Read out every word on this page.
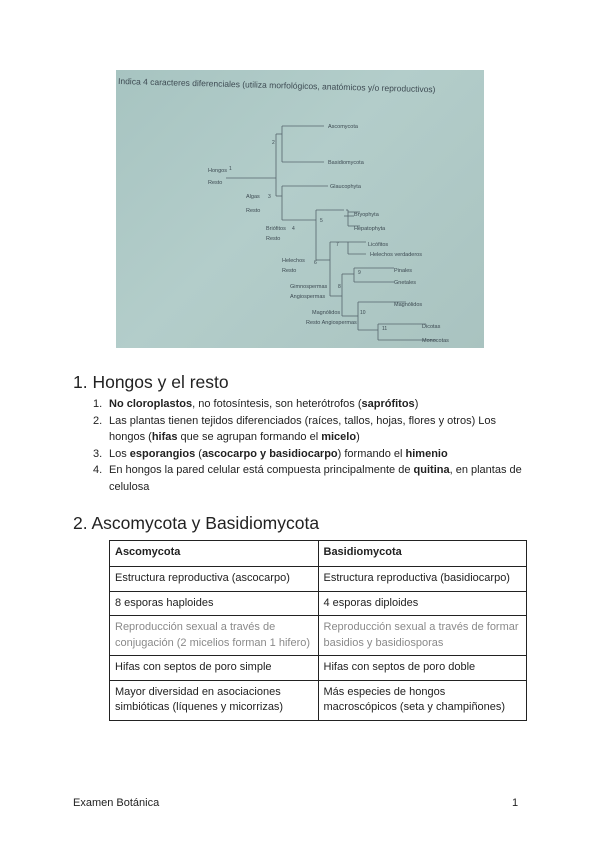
Indica 4 caracteres diferenciales (utiliza morfológicos, anatómicos y/o reproductivos)
Hongos 1
Resto
2
Ascomycota
Basidiomycota
Algas 3
Glaucophyta
Resto
Briófitos 4
Resto
5
Bryophyta
Hepatophyta
Helechos 6
Resto
7	Licófitos
Helechos verdaderos
Gimnospermas 8
Angiospermas
9	Pinales
Gnetales
Magnólidos
Magnólidos	10
Resto Angiospermas
11	Dicotas
Monocotas
1. Hongos y el resto
1. No cloroplastos, no fotosíntesis, son heterótrofos (saprófitos)
2. Las plantas tienen tejidos diferenciados (raíces, tallos, hojas, flores y otros) Los hongos (hifas que se agrupan formando el micelo)
3. Los esporangios (ascocarpo y basidiocarpo) formando el himenio
4. En hongos la pared celular está compuesta principalmente de quitina, en plantas de celulosa
2. Ascomycota y Basidiomycota
Ascomycota	Basidiomycota
Estructura reproductiva (ascocarpo)	Estructura reproductiva (basidiocarpo)
8 esporas haploides	4 esporas diploides
Reproducción sexual a través de conjugación (2 micelios forman 1 hifero)	Reproducción sexual a través de formar basidios y basidiosporas
Hifas con septos de poro simple	Hifas con septos de poro doble
Mayor diversidad en asociaciones simbióticas (líquenes y micorrizas)	Más especies de hongos macroscópicos (seta y champiñones)
Examen Botánica	1
